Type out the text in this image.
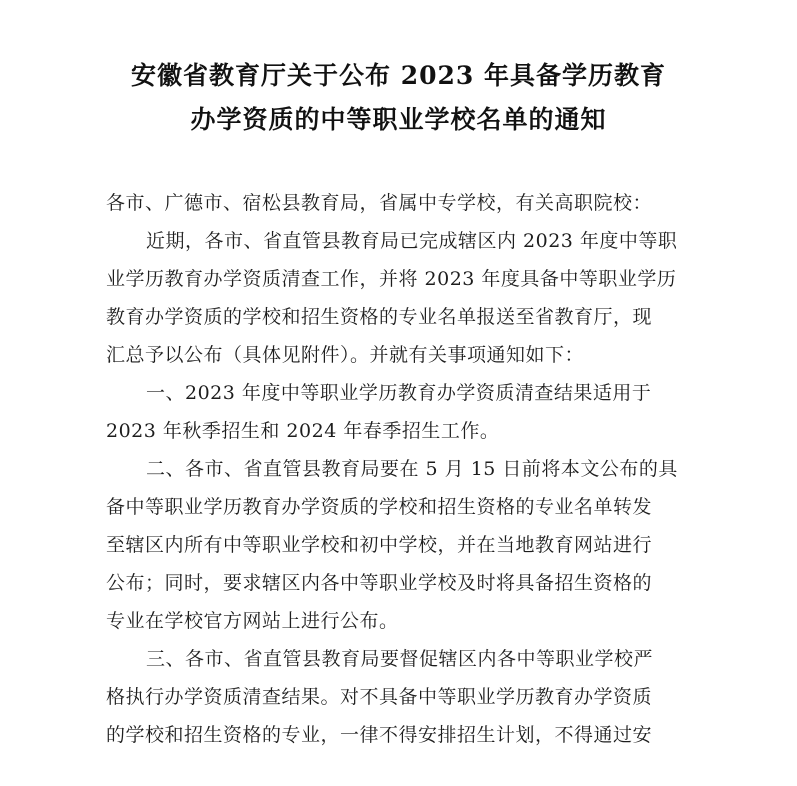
安徽省教育厅关于公布 2023 年具备学历教育
办学资质的中等职业学校名单的通知
各市、广德市、宿松县教育局，省属中专学校，有关高职院校：
近期，各市、省直管县教育局已完成辖区内 2023 年度中等职
业学历教育办学资质清查工作，并将 2023 年度具备中等职业学历
教育办学资质的学校和招生资格的专业名单报送至省教育厅，现
汇总予以公布（具体见附件）。并就有关事项通知如下：
一、2023 年度中等职业学历教育办学资质清查结果适用于
2023 年秋季招生和 2024 年春季招生工作。
二、各市、省直管县教育局要在 5 月 15 日前将本文公布的具
备中等职业学历教育办学资质的学校和招生资格的专业名单转发
至辖区内所有中等职业学校和初中学校，并在当地教育网站进行
公布；同时，要求辖区内各中等职业学校及时将具备招生资格的
专业在学校官方网站上进行公布。
三、各市、省直管县教育局要督促辖区内各中等职业学校严
格执行办学资质清查结果。对不具备中等职业学历教育办学资质
的学校和招生资格的专业，一律不得安排招生计划，不得通过安
